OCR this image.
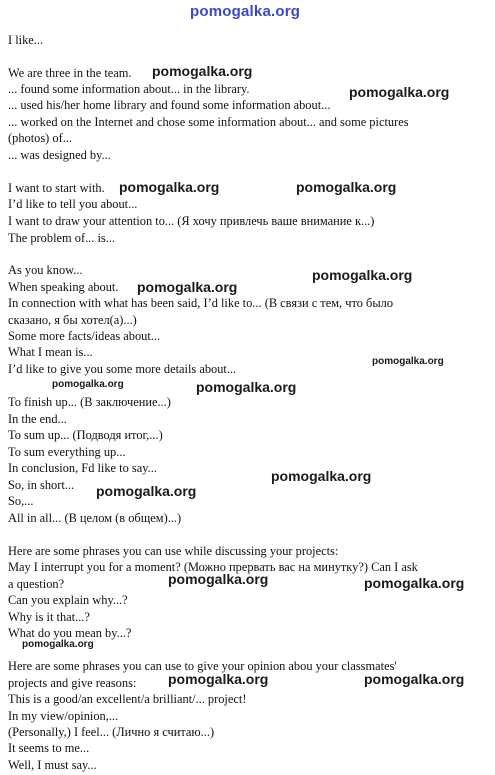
pomogalka.org
I like...
We are three in the team.
... found some information about... in the library.
... used his/her home library and found some information about...
... worked on the Internet and chose some information about... and some pictures
(photos) of...
... was designed by...
I want to start with.
I’d like to tell you about...
I want to draw your attention to... (Я хочу привлечь ваше внимание к...)
The problem of... is...
As you know...
When speaking about.
In connection with what has been said, I’d like to... (В связи с тем, что было
сказано, я бы хотел(а)...)
Some more facts/ideas about...
What I mean is...
I’d like to give you some more details about...
To finish up... (В заключение...)
In the end...
To sum up... (Подводя итог,...)
To sum everything up...
In conclusion, Fd like to say...
So, in short...
So,...
All in all... (В целом (в общем)...)
Here are some phrases you can use while discussing your projects:
May I interrupt you for a moment? (Можно прервать вас на минутку?) Can I ask
a question?
Can you explain why...?
Why is it that...?
What do you mean by...?
Here are some phrases you can use to give your opinion abou your classmates'
projects and give reasons:
This is a good/an excellent/a brilliant/... project!
In my view/opinion,...
(Personally,) I feel... (Лично я считаю...)
It seems to me...
Well, I must say...
pomogalka.org
pomogalka.org
pomogalka.org	pomogalka.org
pomogalka.org
pomogalka.org
pomogalka.org
pomogalka.org	pomogalka.org
pomogalka.org
pomogalka.org
pomogalka.org	pomogalka.org
pomogalka.org
pomogalka.org	pomogalka.org
